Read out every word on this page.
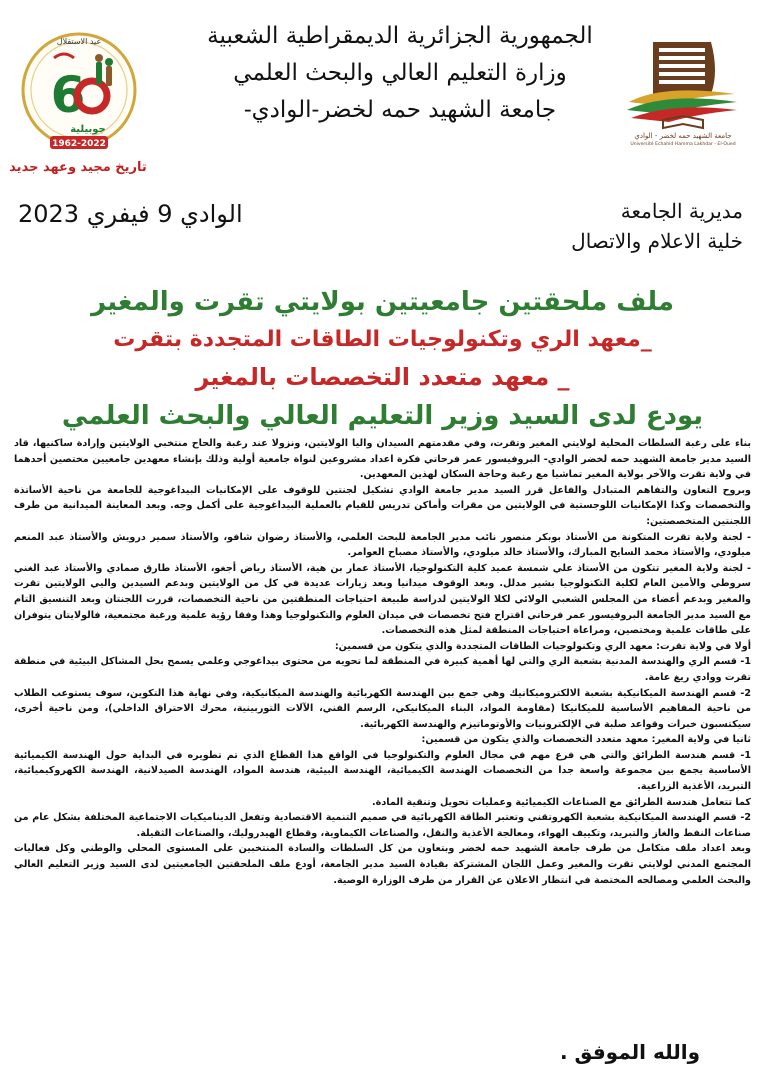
الجمهورية الجزائرية الديمقراطية الشعبية
وزارة التعليم العالي والبحث العلمي
جامعة الشهيد حمه لخضر-الوادي-
جامعة الشهيد حمه لخضر - الوادي
Université Echahid Hamma Lakhdar - El-Oued
6
عيد الاستقلال
جوبيلية
1962-2022
تاريخ مجيد وعهد جديد
مديرية الجامعة
خلية الاعلام والاتصال
الوادي 9 فيفري 2023
ملف ملحقتين جامعيتين بولايتي تقرت والمغير
_معهد الري وتكنولوجيات الطاقات المتجددة بتقرت
_ معهد متعدد التخصصات بالمغير
يودع لدى السيد وزير التعليم العالي والبحث العلمي

بناء على رغبة السلطات المحلية لولايتي المغير وتقرت، وفي مقدمتهم السيدان واليا الولايتين، ونزولا عند رغبة والحاح منتخبي الولايتين وإرادة ساكنيها، قاد السيد مدير جامعة الشهيد حمه لخضر الوادي- البروفيسور عمر فرحاتي فكرة اعداد مشروعين لنواة جامعية أولية وذلك بإنشاء معهدين جامعيين مختصين أحدهما في ولاية تقرت والآخر بولاية المغير تماشيا مع رغبة وحاجة السكان لهذين المعهدين.

وبروح التعاون والتفاهم المتبادل والفاعل قرر السيد مدير جامعة الوادي تشكيل لجنتين للوقوف على الإمكانيات البيداغوجية للجامعة من ناحية الأساتذة والتخصصات وكذا الإمكانيات اللوجستية في الولايتين من مقرات وأماكن تدريس للقيام بالعملية البيداغوجية على أكمل وجه. وبعد المعاينة الميدانية من طرف اللجنتين المتخصصتين:

- لجنة ولاية تقرت المتكونة من الأستاذ بوبكر منصور نائب مدير الجامعة للبحث العلمي، والأستاذ رضوان شافو، والأستاذ سمير درويش والأستاذ عبد المنعم ميلودي، والأستاذ محمد السايح المبارك، والأستاذ خالد ميلودي، والأستاذ مصباح العوامر.

- لجنة ولاية المغير تتكون من الأستاذ علي شمسة عميد كلية التكنولوجيا، الأستاذ عمار بن هية، الأستاذ رياض أجغو، الأستاذ طارق صمادي والأستاذ عبد الغني سروطي والأمين العام لكلية التكنولوجيا بشير مدلل. وبعد الوقوف ميدانيا وبعد زيارات عديدة في كل من الولايتين وبدعم السيدين واليي الولايتين تقرت والمغير وبدعم أعضاء من المجلس الشعبي الولائي لكلا الولايتين لدراسة طبيعة احتياجات المنطقتين من ناحية التخصصات، قررت اللجنتان وبعد التنسيق التام مع السيد مدير الجامعة البروفيسور عمر فرحاتي اقتراح فتح تخصصات في ميدان العلوم والتكنولوجيا وهذا وفقا رؤية علمية ورغبة مجتمعية، فالولايتان يتوفران على طاقات علمية ومختصين، ومراعاة احتياجات المنطقة لمثل هذه التخصصات.

أولا في ولاية تقرت: معهد الري وتكنولوجيات الطاقات المتجددة والذي يتكون من قسمين:

1- قسم الري والهندسة المدنية بشعبة الري والتي لها أهمية كبيرة في المنطقة لما تحويه من محتوى بيداغوجي وعلمي يسمح بحل المشاكل البيئية في منطقة تقرت ووادي ريغ عامة.

2- قسم الهندسة الميكانيكية بشعبة الالكتروميكانيك وهي جمع بين الهندسة الكهربائية والهندسة الميكانيكية، وفي نهاية هذا التكوين، سوف يستوعب الطلاب من ناحية المفاهيم الأساسية للميكانيكا (مقاومة المواد، البناء الميكانيكي، الرسم الفني، الآلات التوربينية، محرك الاحتراق الداخلي)، ومن ناحية أخرى، سيكتسبون خبرات وقواعد صلبة في الإلكترونيات والأوتوماتيزم والهندسة الكهربائية.

ثانيا في ولاية المغير: معهد متعدد التخصصات والذي يتكون من قسمين:

1- قسم هندسة الطرائق والتي هي فرع مهم في مجال العلوم والتكنولوجيا في الواقع هذا القطاع الذي تم تطويره في البداية حول الهندسة الكيميائية الأساسية يجمع بين مجموعة واسعة جدا من التخصصات الهندسة الكيميائية، الهندسة البيئية، هندسة المواد، الهندسة الصيدلانية، الهندسة الكهروكيميائية، التبريد، الأغذية الزراعية.

كما تتعامل هندسة الطرائق مع الصناعات الكيميائية وعمليات تحويل وتنقية المادة.

2- قسم الهندسة الميكانيكية بشعبة الكهروتقني وتعتبر الطاقة الكهربائية في صميم التنمية الاقتصادية وتفعل الديناميكيات الاجتماعية المختلفة بشكل عام من صناعات النفط والغاز والتبريد، وتكييف الهواء، ومعالجة الأغذية والنقل، والصناعات الكيماوية، وقطاع الهيدروليك، والصناعات الثقيلة.

وبعد اعداد ملف متكامل من طرف جامعة الشهيد حمه لخضر وبتعاون من كل السلطات والسادة المنتخبين على المستوى المحلي والوطني وكل فعاليات المجتمع المدني لولايتي تقرت والمغير وعمل اللجان المشتركة بقيادة السيد مدير الجامعة، أودع ملف الملحقتين الجامعيتين لدى السيد وزير التعليم العالي والبحث العلمي ومصالحه المختصة في انتظار الاعلان عن القرار من طرف الوزارة الوصية.

والله الموفق .
